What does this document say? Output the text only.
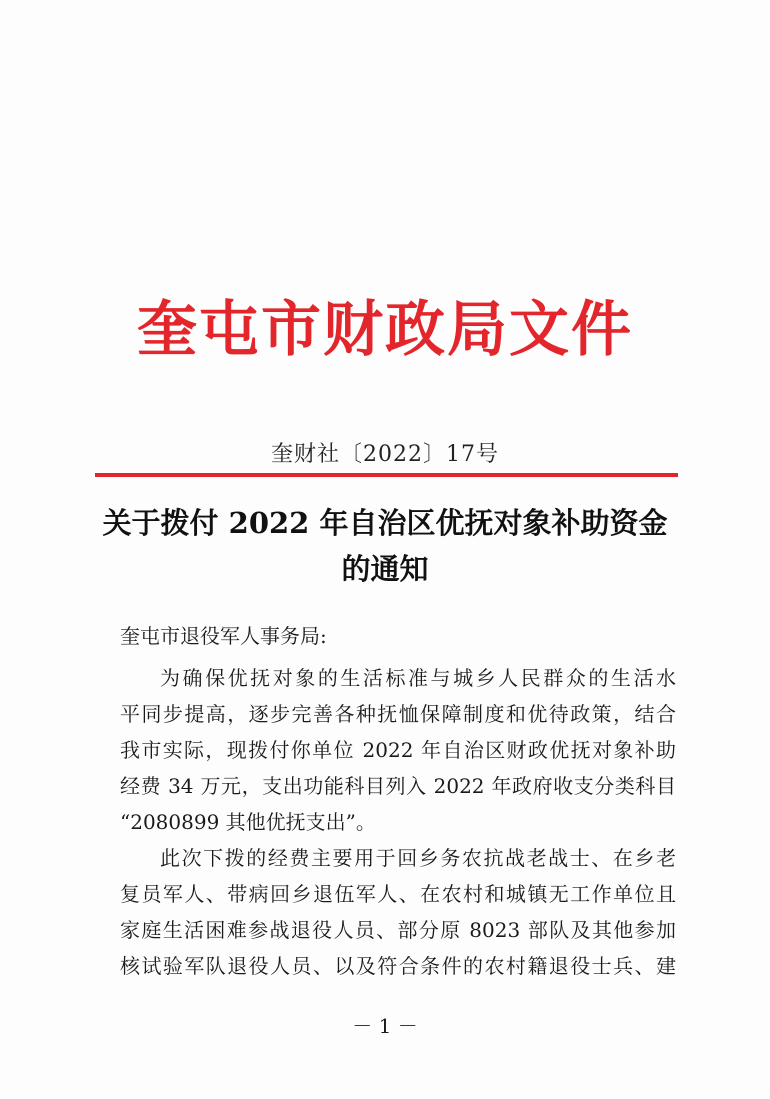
奎屯市财政局文件
奎财社〔2022〕17号
关于拨付 2022 年自治区优抚对象补助资金
的通知
奎屯市退役军人事务局:
为确保优抚对象的生活标准与城乡人民群众的生活水
平同步提高，逐步完善各种抚恤保障制度和优待政策，结合
我市实际，现拨付你单位 2022 年自治区财政优抚对象补助
经费 34 万元，支出功能科目列入 2022 年政府收支分类科目
“2080899 其他优抚支出”。
此次下拨的经费主要用于回乡务农抗战老战士、在乡老
复员军人、带病回乡退伍军人、在农村和城镇无工作单位且
家庭生活困难参战退役人员、部分原 8023 部队及其他参加
核试验军队退役人员、以及符合条件的农村籍退役士兵、建
－ 1 －
